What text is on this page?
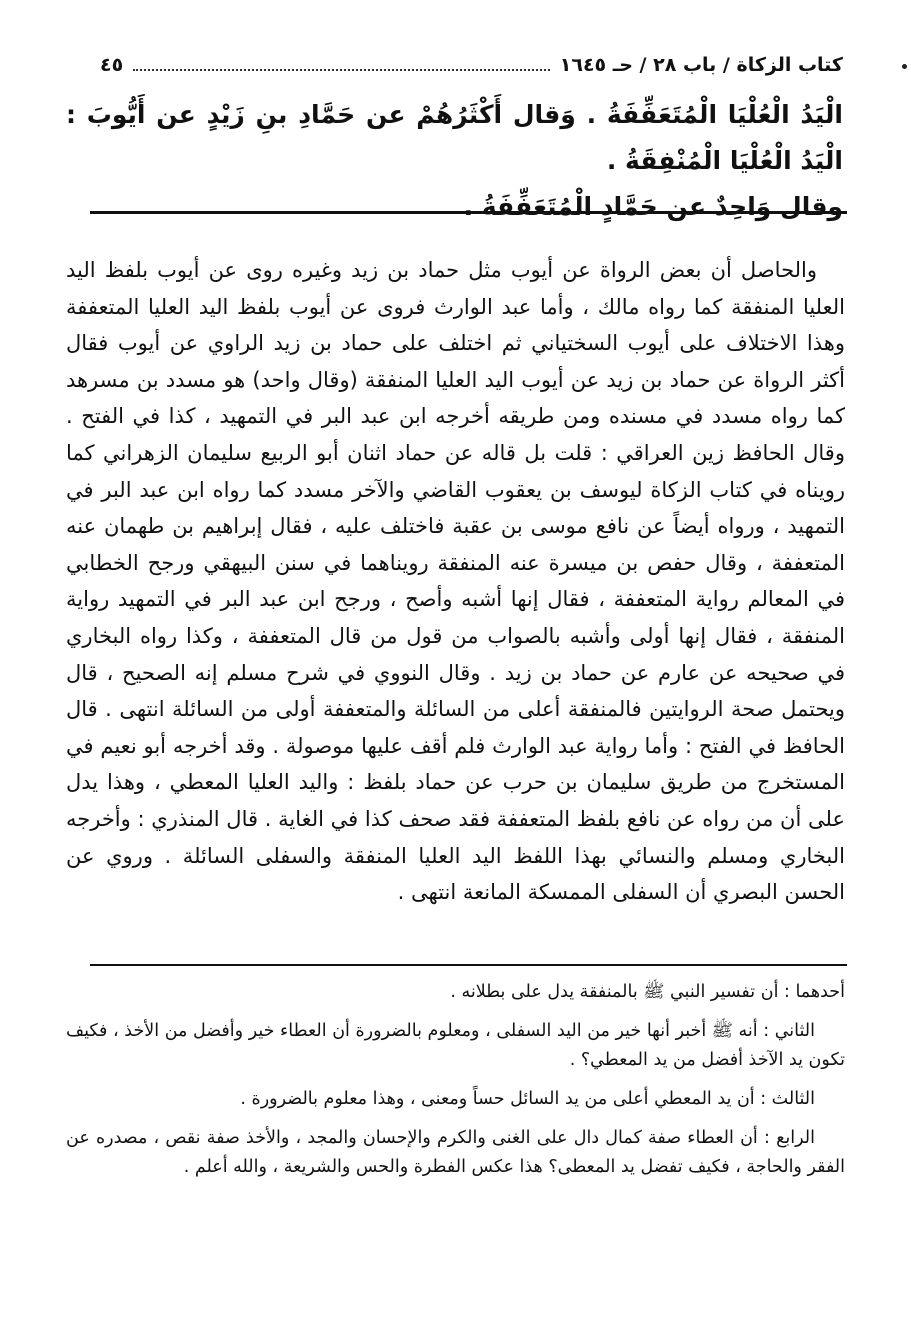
كتاب الزكاة / باب ٢٨ / حـ ١٦٤٥
٤٥

الْيَدُ الْعُلْيَا الْمُتَعَفِّفَةُ . وَقال أَكْثَرُهُمْ عن حَمَّادِ بنِ زَيْدٍ عن أَيُّوبَ : الْيَدُ الْعُلْيَا الْمُنْفِقَةُ .

وقال وَاحِدٌ عن حَمَّادٍ الْمُتَعَفِّفَةُ .

والحاصل أن بعض الرواة عن أيوب مثل حماد بن زيد وغيره روى عن أيوب بلفظ اليد العليا المنفقة كما رواه مالك ، وأما عبد الوارث فروى عن أيوب بلفظ اليد العليا المتعففة وهذا الاختلاف على أيوب السختياني ثم اختلف على حماد بن زيد الراوي عن أيوب فقال أكثر الرواة عن حماد بن زيد عن أيوب اليد العليا المنفقة (وقال واحد) هو مسدد بن مسرهد كما رواه مسدد في مسنده ومن طريقه أخرجه ابن عبد البر في التمهيد ، كذا في الفتح . وقال الحافظ زين العراقي : قلت بل قاله عن حماد اثنان أبو الربيع سليمان الزهراني كما رويناه في كتاب الزكاة ليوسف بن يعقوب القاضي والآخر مسدد كما رواه ابن عبد البر في التمهيد ، ورواه أيضاً عن نافع موسى بن عقبة فاختلف عليه ، فقال إبراهيم بن طهمان عنه المتعففة ، وقال حفص بن ميسرة عنه المنفقة رويناهما في سنن البيهقي ورجح الخطابي في المعالم رواية المتعففة ، فقال إنها أشبه وأصح ، ورجح ابن عبد البر في التمهيد رواية المنفقة ، فقال إنها أولى وأشبه بالصواب من قول من قال المتعففة ، وكذا رواه البخاري في صحيحه عن عارم عن حماد بن زيد . وقال النووي في شرح مسلم إنه الصحيح ، قال ويحتمل صحة الروايتين فالمنفقة أعلى من السائلة والمتعففة أولى من السائلة انتهى . قال الحافظ في الفتح : وأما رواية عبد الوارث فلم أقف عليها موصولة . وقد أخرجه أبو نعيم في المستخرج من طريق سليمان بن حرب عن حماد بلفظ : واليد العليا المعطي ، وهذا يدل على أن من رواه عن نافع بلفظ المتعففة فقد صحف كذا في الغاية . قال المنذري : وأخرجه البخاري ومسلم والنسائي بهذا اللفظ اليد العليا المنفقة والسفلى السائلة . وروي عن الحسن البصري أن السفلى الممسكة المانعة انتهى .

أحدهما : أن تفسير النبي ﷺ بالمنفقة يدل على بطلانه .

الثاني : أنه ﷺ أخبر أنها خير من اليد السفلى ، ومعلوم بالضرورة أن العطاء خير وأفضل من الأخذ ، فكيف تكون يد الآخذ أفضل من يد المعطي؟ .

الثالث : أن يد المعطي أعلى من يد السائل حساً ومعنى ، وهذا معلوم بالضرورة .

الرابع : أن العطاء صفة كمال دال على الغنى والكرم والإحسان والمجد ، والأخذ صفة نقص ، مصدره عن الفقر والحاجة ، فكيف تفضل يد المعطى؟ هذا عكس الفطرة والحس والشريعة ، والله أعلم .
